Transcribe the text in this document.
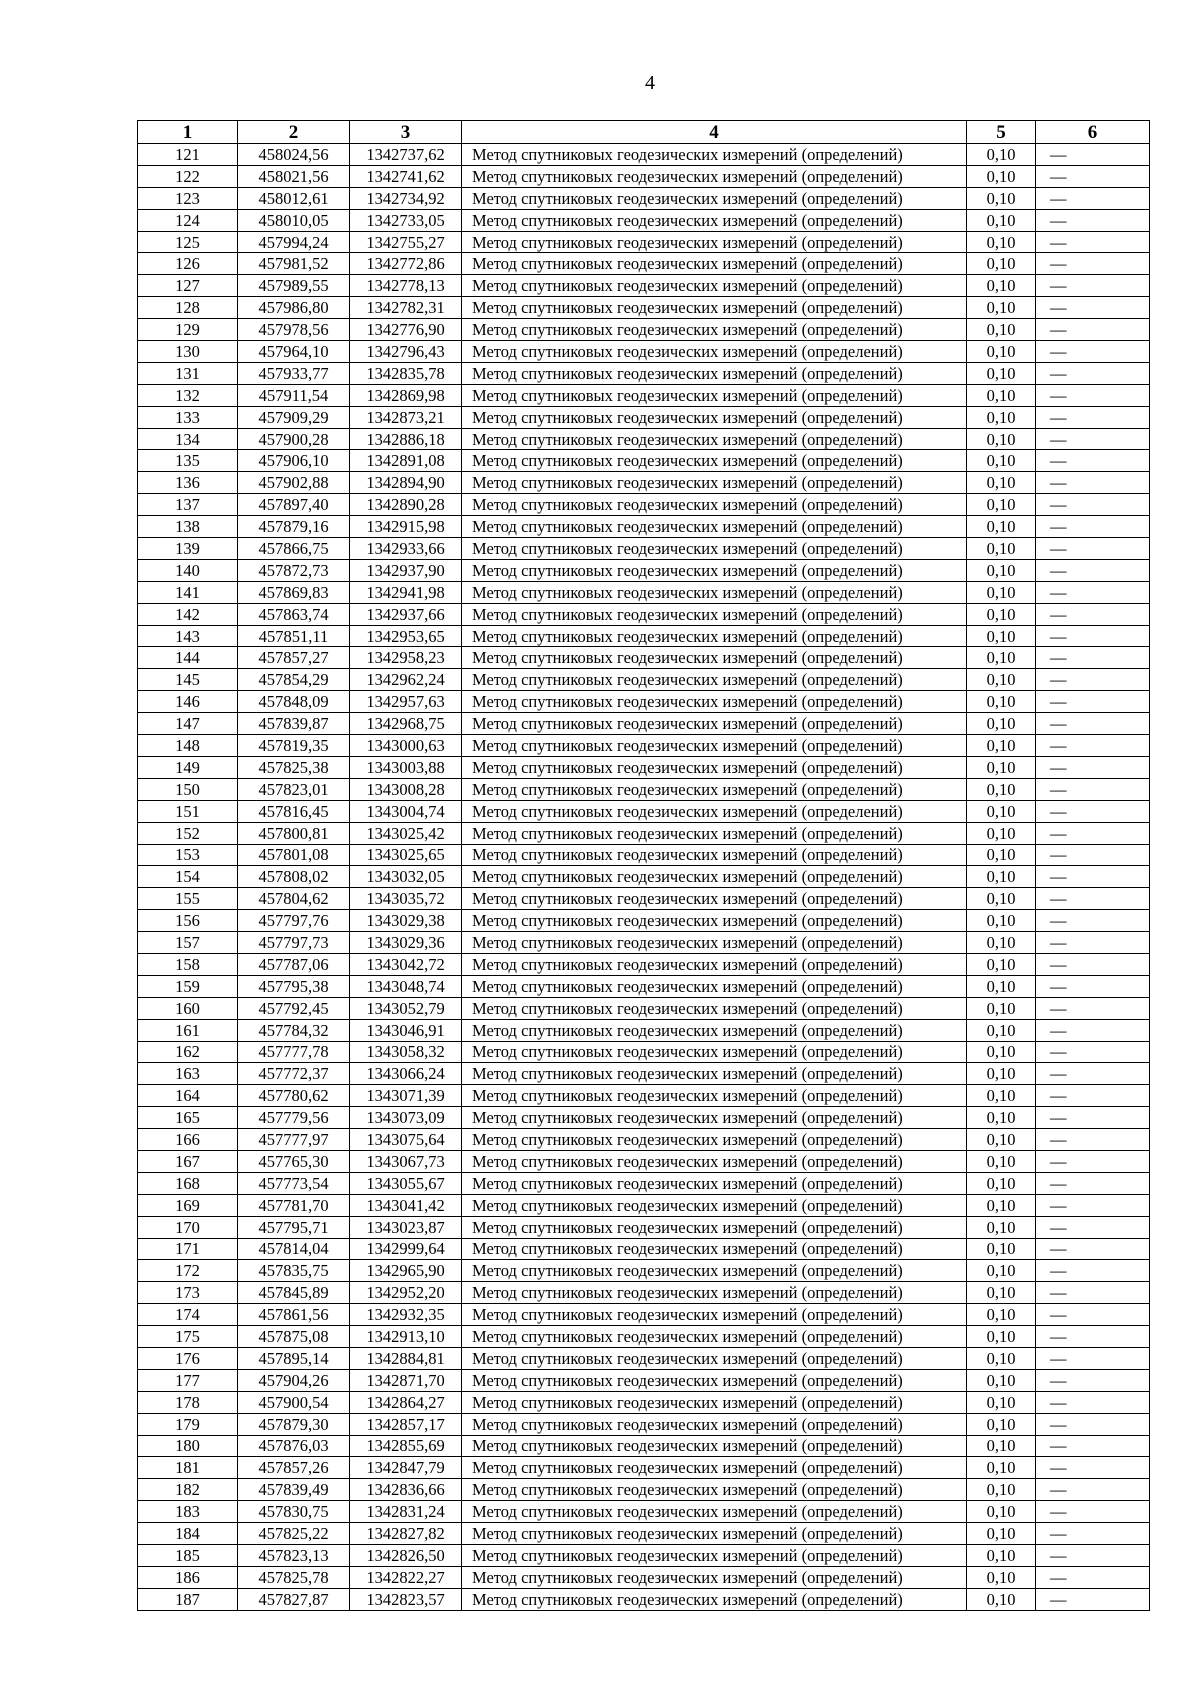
4
1	2	3	4	5	6
121	458024,56	1342737,62	Метод спутниковых геодезических измерений (определений)	0,10	—
122	458021,56	1342741,62	Метод спутниковых геодезических измерений (определений)	0,10	—
123	458012,61	1342734,92	Метод спутниковых геодезических измерений (определений)	0,10	—
124	458010,05	1342733,05	Метод спутниковых геодезических измерений (определений)	0,10	—
125	457994,24	1342755,27	Метод спутниковых геодезических измерений (определений)	0,10	—
126	457981,52	1342772,86	Метод спутниковых геодезических измерений (определений)	0,10	—
127	457989,55	1342778,13	Метод спутниковых геодезических измерений (определений)	0,10	—
128	457986,80	1342782,31	Метод спутниковых геодезических измерений (определений)	0,10	—
129	457978,56	1342776,90	Метод спутниковых геодезических измерений (определений)	0,10	—
130	457964,10	1342796,43	Метод спутниковых геодезических измерений (определений)	0,10	—
131	457933,77	1342835,78	Метод спутниковых геодезических измерений (определений)	0,10	—
132	457911,54	1342869,98	Метод спутниковых геодезических измерений (определений)	0,10	—
133	457909,29	1342873,21	Метод спутниковых геодезических измерений (определений)	0,10	—
134	457900,28	1342886,18	Метод спутниковых геодезических измерений (определений)	0,10	—
135	457906,10	1342891,08	Метод спутниковых геодезических измерений (определений)	0,10	—
136	457902,88	1342894,90	Метод спутниковых геодезических измерений (определений)	0,10	—
137	457897,40	1342890,28	Метод спутниковых геодезических измерений (определений)	0,10	—
138	457879,16	1342915,98	Метод спутниковых геодезических измерений (определений)	0,10	—
139	457866,75	1342933,66	Метод спутниковых геодезических измерений (определений)	0,10	—
140	457872,73	1342937,90	Метод спутниковых геодезических измерений (определений)	0,10	—
141	457869,83	1342941,98	Метод спутниковых геодезических измерений (определений)	0,10	—
142	457863,74	1342937,66	Метод спутниковых геодезических измерений (определений)	0,10	—
143	457851,11	1342953,65	Метод спутниковых геодезических измерений (определений)	0,10	—
144	457857,27	1342958,23	Метод спутниковых геодезических измерений (определений)	0,10	—
145	457854,29	1342962,24	Метод спутниковых геодезических измерений (определений)	0,10	—
146	457848,09	1342957,63	Метод спутниковых геодезических измерений (определений)	0,10	—
147	457839,87	1342968,75	Метод спутниковых геодезических измерений (определений)	0,10	—
148	457819,35	1343000,63	Метод спутниковых геодезических измерений (определений)	0,10	—
149	457825,38	1343003,88	Метод спутниковых геодезических измерений (определений)	0,10	—
150	457823,01	1343008,28	Метод спутниковых геодезических измерений (определений)	0,10	—
151	457816,45	1343004,74	Метод спутниковых геодезических измерений (определений)	0,10	—
152	457800,81	1343025,42	Метод спутниковых геодезических измерений (определений)	0,10	—
153	457801,08	1343025,65	Метод спутниковых геодезических измерений (определений)	0,10	—
154	457808,02	1343032,05	Метод спутниковых геодезических измерений (определений)	0,10	—
155	457804,62	1343035,72	Метод спутниковых геодезических измерений (определений)	0,10	—
156	457797,76	1343029,38	Метод спутниковых геодезических измерений (определений)	0,10	—
157	457797,73	1343029,36	Метод спутниковых геодезических измерений (определений)	0,10	—
158	457787,06	1343042,72	Метод спутниковых геодезических измерений (определений)	0,10	—
159	457795,38	1343048,74	Метод спутниковых геодезических измерений (определений)	0,10	—
160	457792,45	1343052,79	Метод спутниковых геодезических измерений (определений)	0,10	—
161	457784,32	1343046,91	Метод спутниковых геодезических измерений (определений)	0,10	—
162	457777,78	1343058,32	Метод спутниковых геодезических измерений (определений)	0,10	—
163	457772,37	1343066,24	Метод спутниковых геодезических измерений (определений)	0,10	—
164	457780,62	1343071,39	Метод спутниковых геодезических измерений (определений)	0,10	—
165	457779,56	1343073,09	Метод спутниковых геодезических измерений (определений)	0,10	—
166	457777,97	1343075,64	Метод спутниковых геодезических измерений (определений)	0,10	—
167	457765,30	1343067,73	Метод спутниковых геодезических измерений (определений)	0,10	—
168	457773,54	1343055,67	Метод спутниковых геодезических измерений (определений)	0,10	—
169	457781,70	1343041,42	Метод спутниковых геодезических измерений (определений)	0,10	—
170	457795,71	1343023,87	Метод спутниковых геодезических измерений (определений)	0,10	—
171	457814,04	1342999,64	Метод спутниковых геодезических измерений (определений)	0,10	—
172	457835,75	1342965,90	Метод спутниковых геодезических измерений (определений)	0,10	—
173	457845,89	1342952,20	Метод спутниковых геодезических измерений (определений)	0,10	—
174	457861,56	1342932,35	Метод спутниковых геодезических измерений (определений)	0,10	—
175	457875,08	1342913,10	Метод спутниковых геодезических измерений (определений)	0,10	—
176	457895,14	1342884,81	Метод спутниковых геодезических измерений (определений)	0,10	—
177	457904,26	1342871,70	Метод спутниковых геодезических измерений (определений)	0,10	—
178	457900,54	1342864,27	Метод спутниковых геодезических измерений (определений)	0,10	—
179	457879,30	1342857,17	Метод спутниковых геодезических измерений (определений)	0,10	—
180	457876,03	1342855,69	Метод спутниковых геодезических измерений (определений)	0,10	—
181	457857,26	1342847,79	Метод спутниковых геодезических измерений (определений)	0,10	—
182	457839,49	1342836,66	Метод спутниковых геодезических измерений (определений)	0,10	—
183	457830,75	1342831,24	Метод спутниковых геодезических измерений (определений)	0,10	—
184	457825,22	1342827,82	Метод спутниковых геодезических измерений (определений)	0,10	—
185	457823,13	1342826,50	Метод спутниковых геодезических измерений (определений)	0,10	—
186	457825,78	1342822,27	Метод спутниковых геодезических измерений (определений)	0,10	—
187	457827,87	1342823,57	Метод спутниковых геодезических измерений (определений)	0,10	—
